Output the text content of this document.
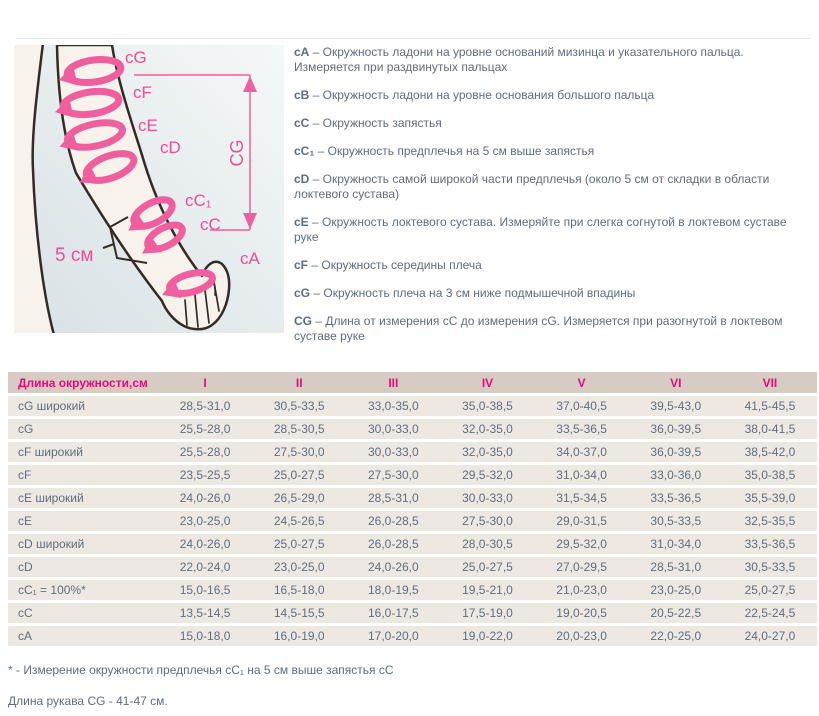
cG
cF
cE
cD
cC₁
cC
cA
5 см
CG

cA – Окружность ладони на уровне оснований мизинца и указательного пальца. Измеряется при раздвинутых пальцах

cB – Окружность ладони на уровне основания большого пальца

cC – Окружность запястья

cC₁ – Окружность предплечья на 5 см выше запястья

cD – Окружность самой широкой части предплечья (около 5 см от складки в области локтевого сустава)

cE – Окружность локтевого сустава. Измеряйте при слегка согнутой в локтевом суставе руке

cF – Окружность середины плеча

cG – Окружность плеча на 3 см ниже подмышечной впадины

CG – Длина от измерения cC до измерения cG. Измеряется при разогнутой в локтевом суставе руке

Длина окружности,см	I	II	III	IV	V	VI	VII
cG широкий	28,5-31,0	30,5-33,5	33,0-35,0	35,0-38,5	37,0-40,5	39,5-43,0	41,5-45,5
cG	25,5-28,0	28,5-30,5	30,0-33,0	32,0-35,0	33,5-36,5	36,0-39,5	38,0-41,5
cF широкий	25,5-28,0	27,5-30,0	30,0-33,0	32,0-35,0	34,0-37,0	36,0-39,5	38,5-42,0
cF	23,5-25,5	25,0-27,5	27,5-30,0	29,5-32,0	31,0-34,0	33,0-36,0	35,0-38,5
cE широкий	24,0-26,0	26,5-29,0	28,5-31,0	30,0-33,0	31,5-34,5	33,5-36,5	35,5-39,0
cE	23,0-25,0	24,5-26,5	26,0-28,5	27,5-30,0	29,0-31,5	30,5-33,5	32,5-35,5
cD широкий	24,0-26,0	25,0-27,5	26,0-28,5	28,0-30,5	29,5-32,0	31,0-34,0	33,5-36,5
cD	22,0-24,0	23,0-25,0	24,0-26,0	25,0-27,5	27,0-29,5	28,5-31,0	30,5-33,5
cC₁ = 100%*	15,0-16,5	16,5-18,0	18,0-19,5	19,5-21,0	21,0-23,0	23,0-25,0	25,0-27,5
cC	13,5-14,5	14,5-15,5	16,0-17,5	17,5-19,0	19,0-20,5	20,5-22,5	22,5-24,5
cA	15,0-18,0	16,0-19,0	17,0-20,0	19,0-22,0	20,0-23,0	22,0-25,0	24,0-27,0
* - Измерение окружности предплечья cC₁ на 5 см выше запястья cC
Длина рукава CG - 41-47 см.
